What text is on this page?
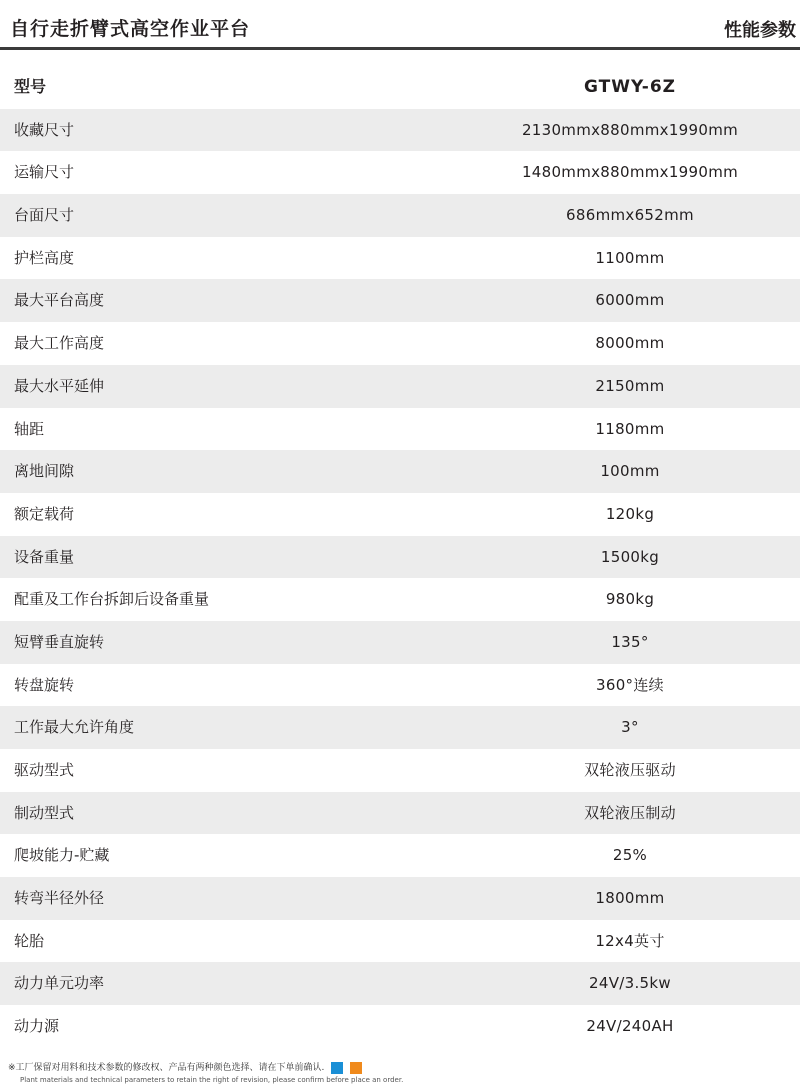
自行走折臂式高空作业平台	性能参数
型号	GTWY-6Z
收藏尺寸	2130mmx880mmx1990mm
运输尺寸	1480mmx880mmx1990mm
台面尺寸	686mmx652mm
护栏高度	1100mm
最大平台高度	6000mm
最大工作高度	8000mm
最大水平延伸	2150mm
轴距	1180mm
离地间隙	100mm
额定载荷	120kg
设备重量	1500kg
配重及工作台拆卸后设备重量	980kg
短臂垂直旋转	135°
转盘旋转	360°连续
工作最大允许角度	3°
驱动型式	双轮液压驱动
制动型式	双轮液压制动
爬坡能力-贮藏	25%
转弯半径外径	1800mm
轮胎	12x4英寸
动力单元功率	24V/3.5kw
动力源	24V/240AH
※工厂保留对用料和技术参数的修改权、产品有两种颜色选择、请在下单前确认.
Plant materials and technical parameters to retain the right of revision, please confirm before place an order.
